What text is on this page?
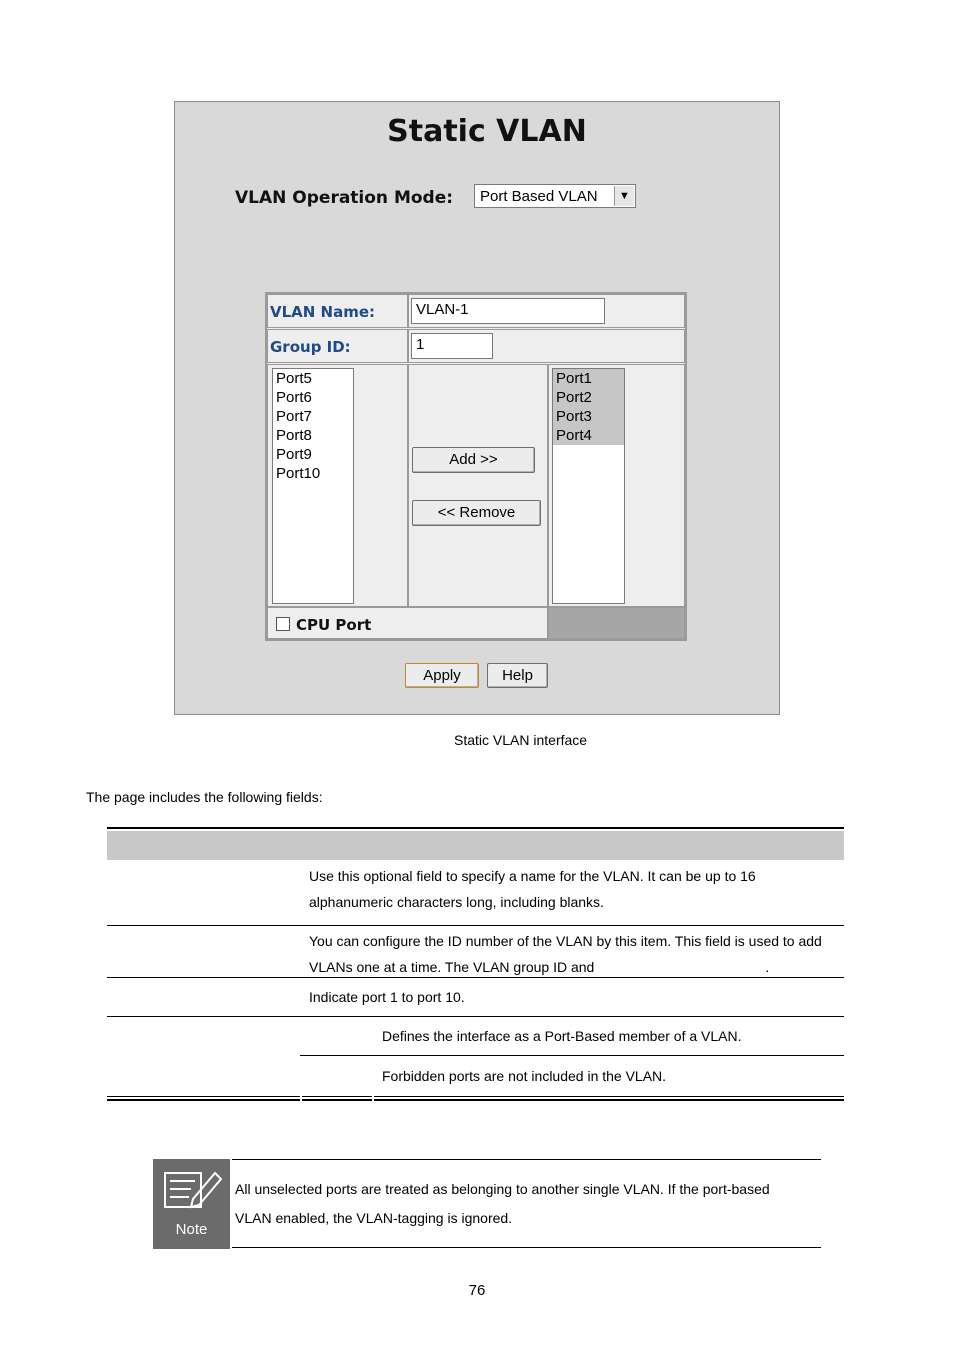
Static VLAN
VLAN Operation Mode: Port Based VLAN	▼
VLAN Name:	VLAN-1
Group ID:	1
Port5
Port6
Port7
Port8
Port9
Port10
Add >>
<< Remove
Port1
Port2
Port3
Port4
CPU Port
Apply	Help
Static VLAN interface
The page includes the following fields:
Use this optional field to specify a name for the VLAN. It can be up to 16
alphanumeric characters long, including blanks.
You can configure the ID number of the VLAN by this item. This field is used to add
VLANs one at a time. The VLAN group ID and	.
Indicate port 1 to port 10.
Defines the interface as a Port-Based member of a VLAN.
Forbidden ports are not included in the VLAN.
Note
All unselected ports are treated as belonging to another single VLAN. If the port-based
VLAN enabled, the VLAN-tagging is ignored.
76
